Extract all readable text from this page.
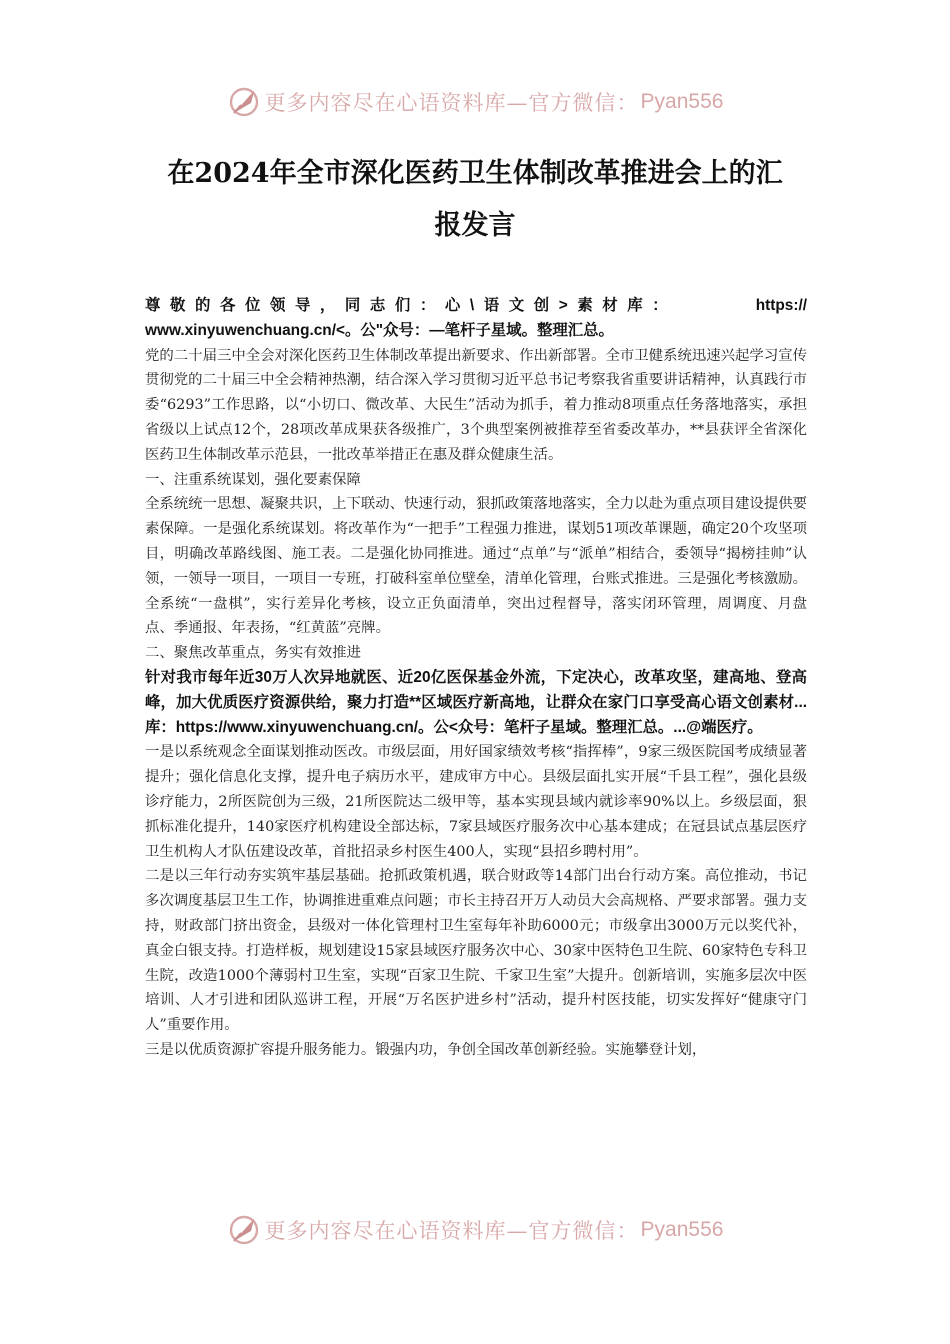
更多内容尽在心语资料库—官方微信： Pyan556
在2024年全市深化医药卫生体制改革推进会上的汇
报发言

尊敬的各位领导，同志们：心\语文创>素材库：	https://

www.xinyuwenchuang.cn/<。公"众号：—笔杆子星域。整理汇总。

党的二十届三中全会对深化医药卫生体制改革提出新要求、作出新部署。全市卫健系统迅速兴起学习宣传贯彻党的二十届三中全会精神热潮，结合深入学习贯彻习近平总书记考察我省重要讲话精神，认真践行市委“6293”工作思路，以“小切口、微改革、大民生”活动为抓手，着力推动8项重点任务落地落实，承担省级以上试点12个，28项改革成果获各级推广，3个典型案例被推荐至省委改革办，**县获评全省深化医药卫生体制改革示范县，一批改革举措正在惠及群众健康生活。

一、注重系统谋划，强化要素保障

全系统统一思想、凝聚共识，上下联动、快速行动，狠抓政策落地落实，全力以赴为重点项目建设提供要素保障。一是强化系统谋划。将改革作为“一把手”工程强力推进，谋划51项改革课题，确定20个攻坚项目，明确改革路线图、施工表。二是强化协同推进。通过“点单”与“派单”相结合，委领导“揭榜挂帅”认领，一领导一项目，一项目一专班，打破科室单位壁垒，清单化管理，台账式推进。三是强化考核激励。全系统“一盘棋”，实行差异化考核，设立正负面清单，突出过程督导，落实闭环管理，周调度、月盘点、季通报、年表扬，“红黄蓝”亮牌。

二、聚焦改革重点，务实有效推进

针对我市每年近30万人次异地就医、近20亿医保基金外流，下定决心，改革攻坚，建高地、登高峰，加大优质医疗资源供给，聚力打造**区域医疗新高地，让群众在家门口享受高心语文创素材...库：https://www.xinyuwenchuang.cn/。公<众号：笔杆子星域。整理汇总。...@端医疗。

一是以系统观念全面谋划推动医改。市级层面，用好国家绩效考核“指挥棒”，9家三级医院国考成绩显著提升；强化信息化支撑，提升电子病历水平，建成审方中心。县级层面扎实开展“千县工程”，强化县级诊疗能力，2所医院创为三级，21所医院达二级甲等，基本实现县域内就诊率90%以上。乡级层面，狠抓标准化提升，140家医疗机构建设全部达标，7家县域医疗服务次中心基本建成；在冠县试点基层医疗卫生机构人才队伍建设改革，首批招录乡村医生400人，实现“县招乡聘村用”。

二是以三年行动夯实筑牢基层基础。抢抓政策机遇，联合财政等14部门出台行动方案。高位推动，书记多次调度基层卫生工作，协调推进重难点问题；市长主持召开万人动员大会高规格、严要求部署。强力支持，财政部门挤出资金，县级对一体化管理村卫生室每年补助6000元；市级拿出3000万元以奖代补，真金白银支持。打造样板，规划建设15家县域医疗服务次中心、30家中医特色卫生院、60家特色专科卫生院，改造1000个薄弱村卫生室，实现“百家卫生院、千家卫生室”大提升。创新培训，实施多层次中医培训、人才引进和团队巡讲工程，开展“万名医护进乡村”活动，提升村医技能，切实发挥好“健康守门人”重要作用。

三是以优质资源扩容提升服务能力。锻强内功，争创全国改革创新经验。实施攀登计划，

更多内容尽在心语资料库—官方微信： Pyan556
